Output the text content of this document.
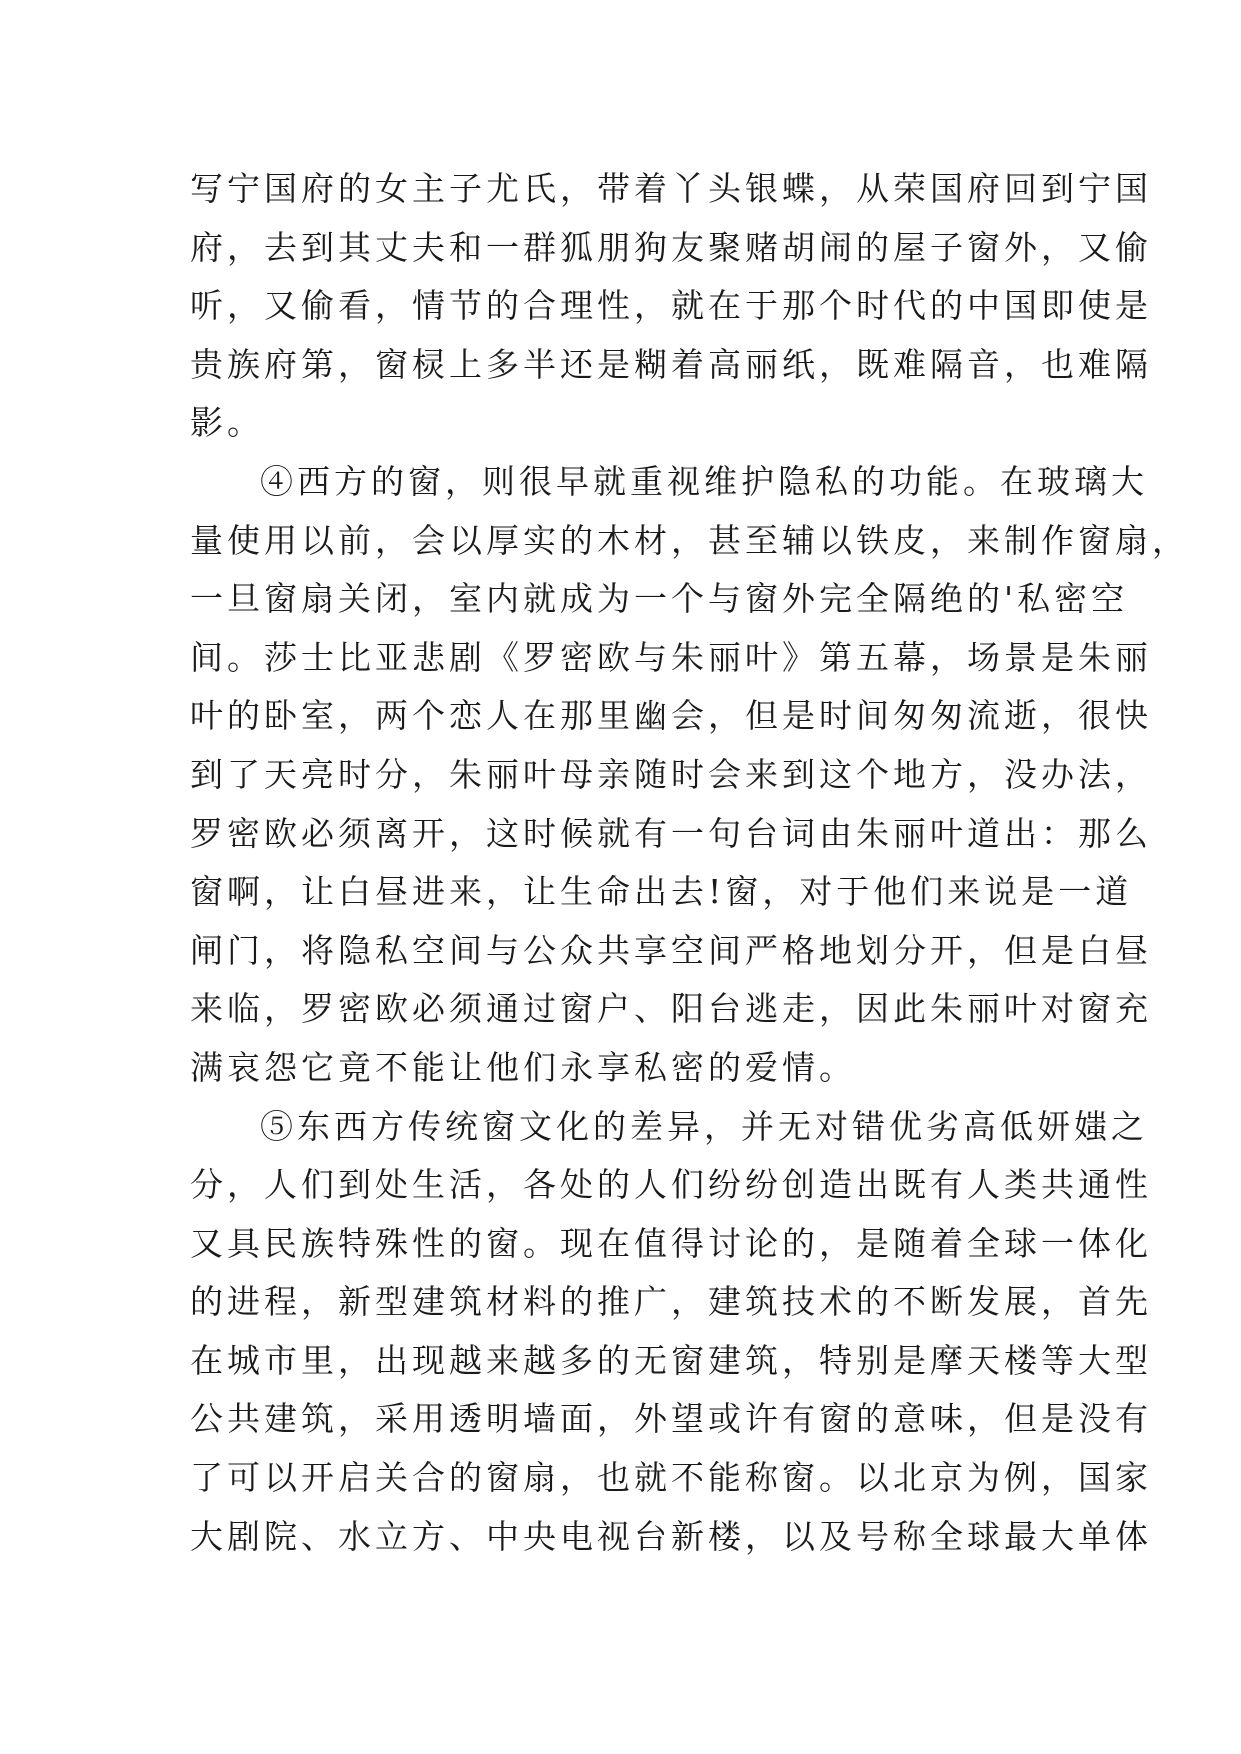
写宁国府的女主子尤氏，带着丫头银蝶，从荣国府回到宁国
府，去到其丈夫和一群狐朋狗友聚赌胡闹的屋子窗外，又偷
听，又偷看，情节的合理性，就在于那个时代的中国即使是
贵族府第，窗棂上多半还是糊着高丽纸，既难隔音，也难隔
影。
④西方的窗，则很早就重视维护隐私的功能。在玻璃大
量使用以前，会以厚实的木材，甚至辅以铁皮，来制作窗扇，
一旦窗扇关闭，室内就成为一个与窗外完全隔绝的'私密空
间。莎士比亚悲剧《罗密欧与朱丽叶》第五幕，场景是朱丽
叶的卧室，两个恋人在那里幽会，但是时间匆匆流逝，很快
到了天亮时分，朱丽叶母亲随时会来到这个地方，没办法，
罗密欧必须离开，这时候就有一句台词由朱丽叶道出：那么
窗啊，让白昼进来，让生命出去!窗，对于他们来说是一道
闸门，将隐私空间与公众共享空间严格地划分开，但是白昼
来临，罗密欧必须通过窗户、阳台逃走，因此朱丽叶对窗充
满哀怨它竟不能让他们永享私密的爱情。
⑤东西方传统窗文化的差异，并无对错优劣高低妍媸之
分，人们到处生活，各处的人们纷纷创造出既有人类共通性
又具民族特殊性的窗。现在值得讨论的，是随着全球一体化
的进程，新型建筑材料的推广，建筑技术的不断发展，首先
在城市里，出现越来越多的无窗建筑，特别是摩天楼等大型
公共建筑，采用透明墙面，外望或许有窗的意味，但是没有
了可以开启关合的窗扇，也就不能称窗。以北京为例，国家
大剧院、水立方、中央电视台新楼，以及号称全球最大单体
